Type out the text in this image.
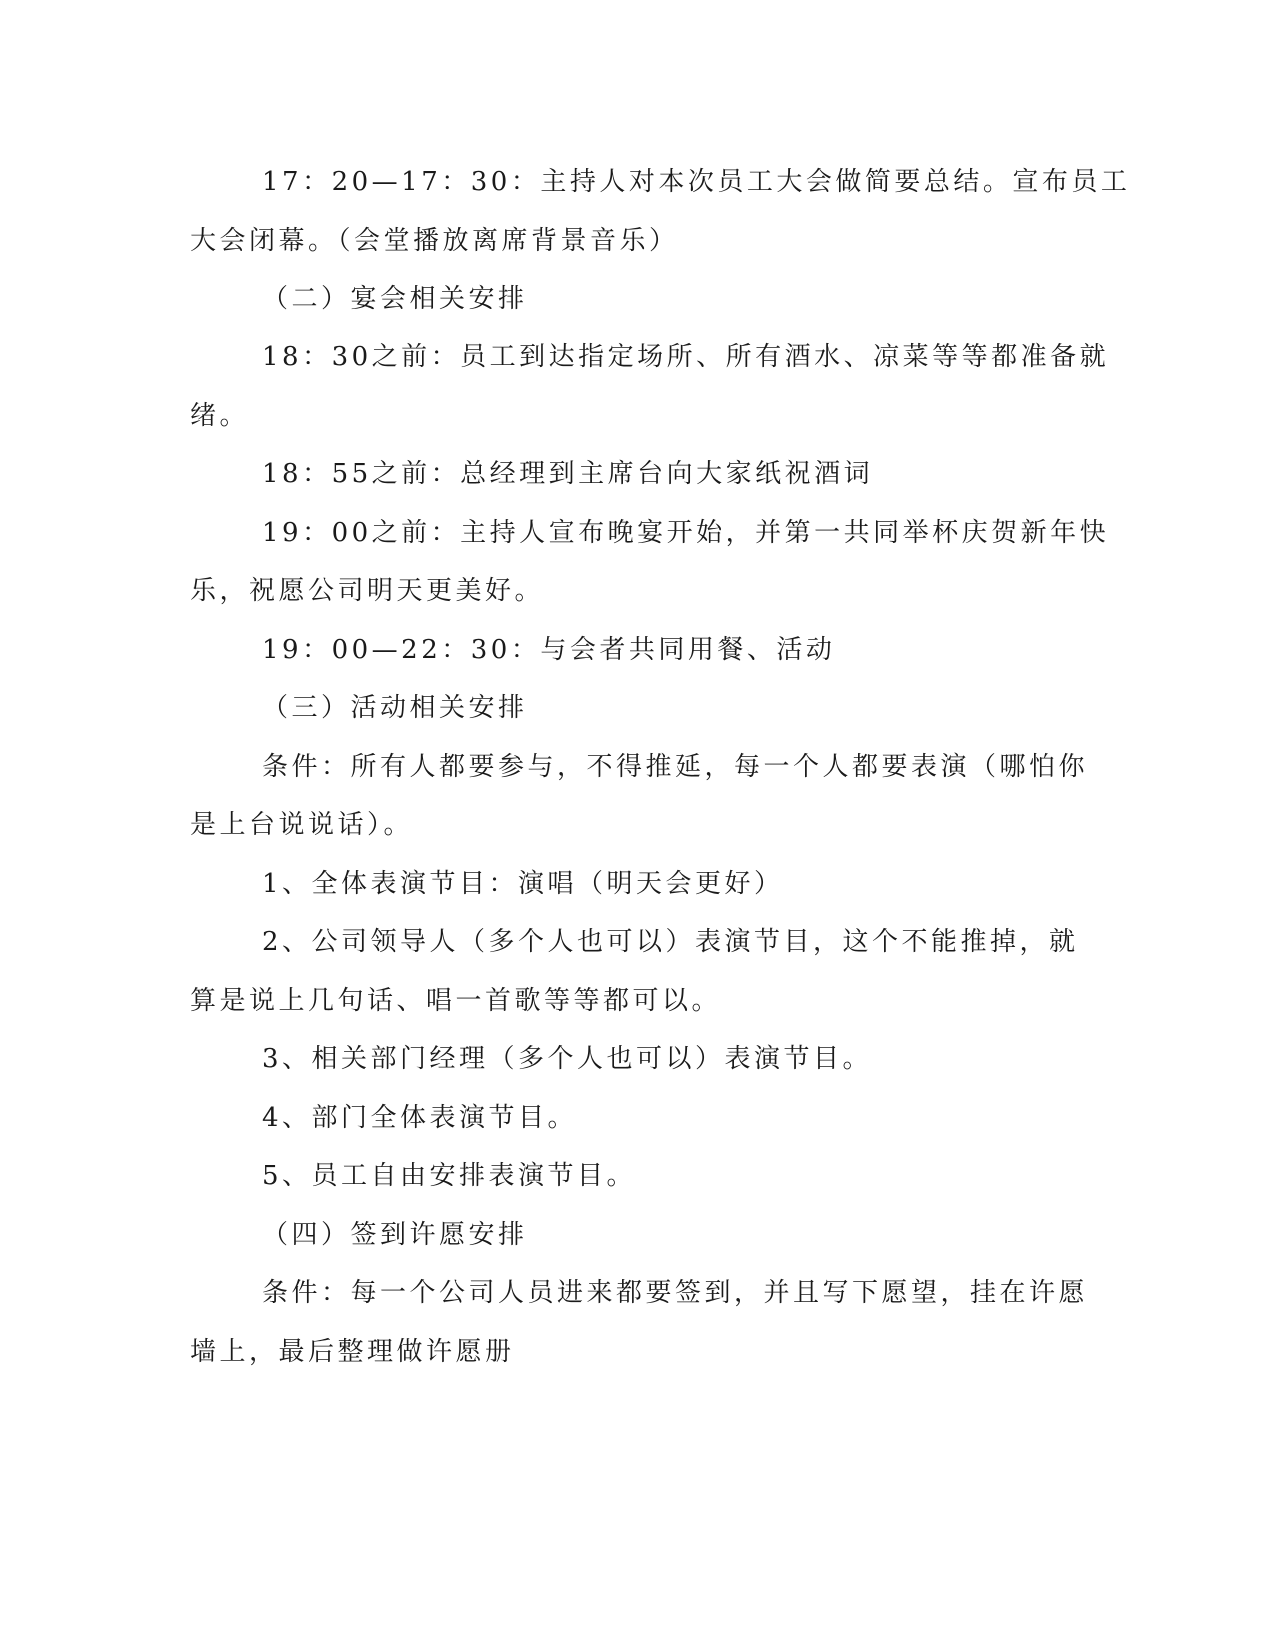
17：20—17：30：主持人对本次员工大会做简要总结。宣布员工
大会闭幕。（会堂播放离席背景音乐）
（二）宴会相关安排
18：30之前：员工到达指定场所、所有酒水、凉菜等等都准备就
绪。
18：55之前：总经理到主席台向大家纸祝酒词
19：00之前：主持人宣布晚宴开始，并第一共同举杯庆贺新年快
乐，祝愿公司明天更美好。
19：00—22：30：与会者共同用餐、活动
（三）活动相关安排
条件：所有人都要参与，不得推延，每一个人都要表演（哪怕你
是上台说说话）。
1、全体表演节目：演唱（明天会更好）
2、公司领导人（多个人也可以）表演节目，这个不能推掉，就
算是说上几句话、唱一首歌等等都可以。
3、相关部门经理（多个人也可以）表演节目。
4、部门全体表演节目。
5、员工自由安排表演节目。
（四）签到许愿安排
条件：每一个公司人员进来都要签到，并且写下愿望，挂在许愿
墙上，最后整理做许愿册
